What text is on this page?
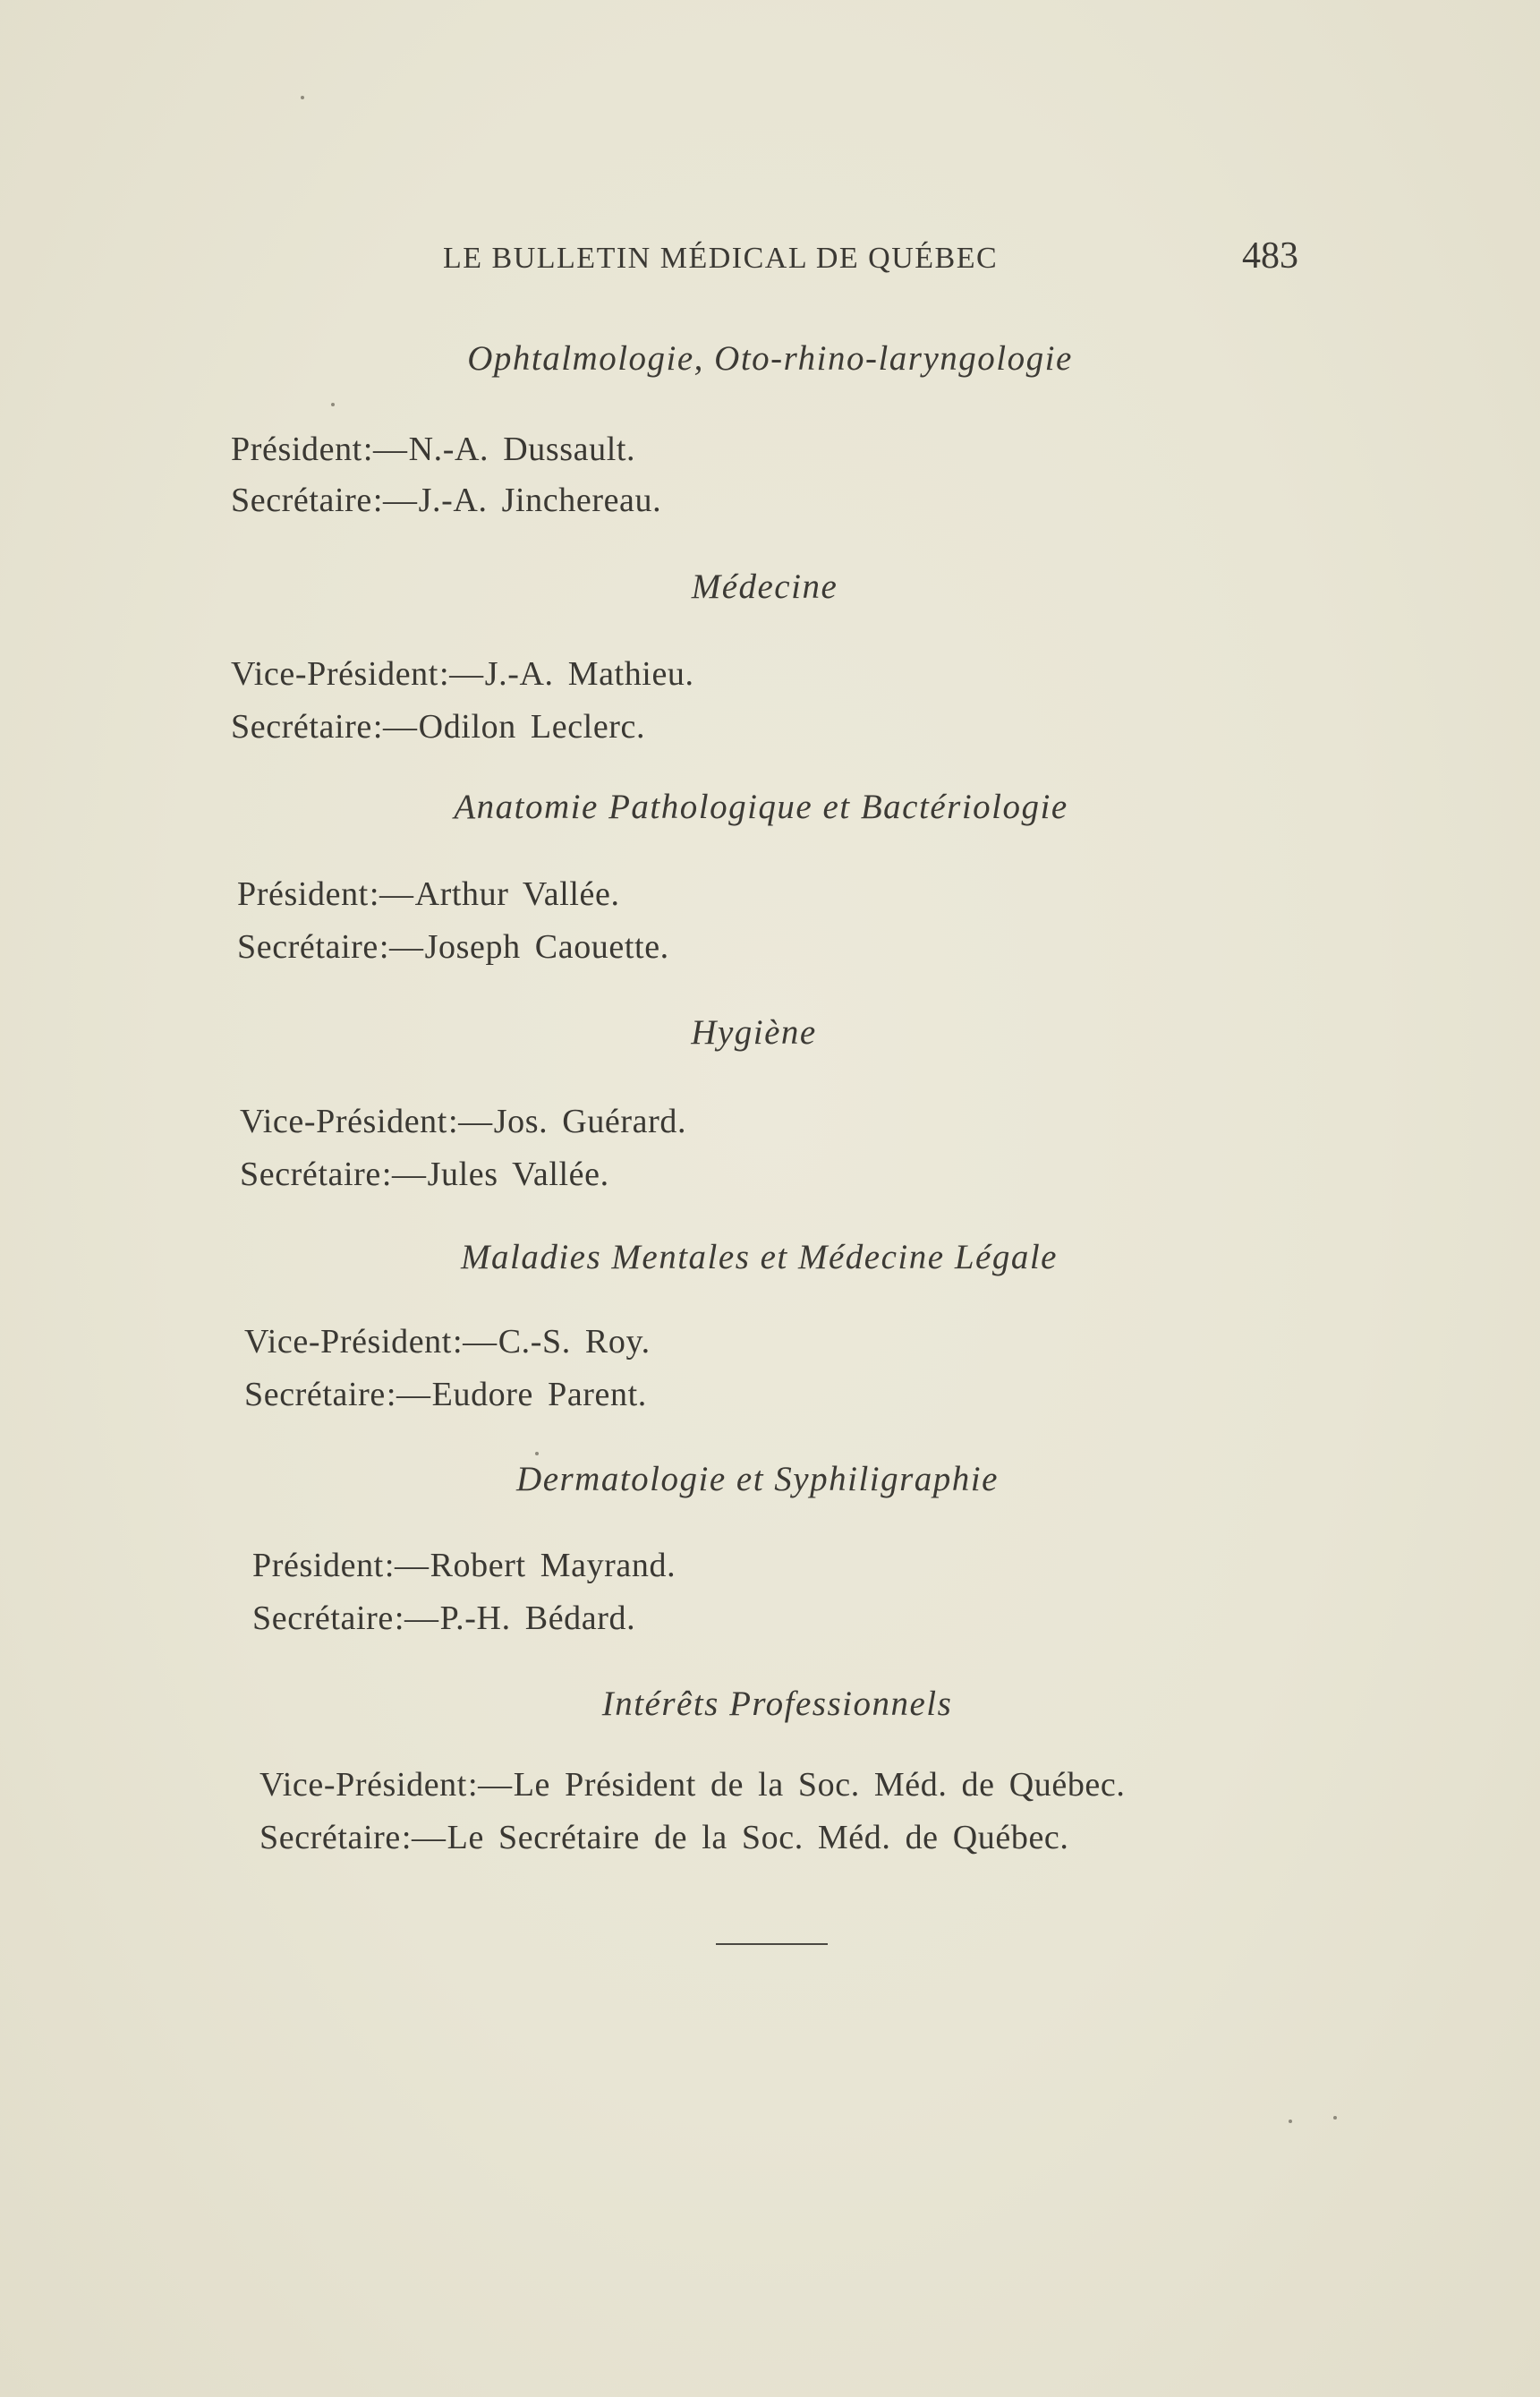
LE BULLETIN MÉDICAL DE QUÉBEC	483
Ophtalmologie, Oto-rhino-laryngologie
Président:—N.-A. Dussault.
Secrétaire:—J.-A. Jinchereau.
Médecine
Vice-Président:—J.-A. Mathieu.
Secrétaire:—Odilon Leclerc.
Anatomie Pathologique et Bactériologie
Président:—Arthur Vallée.
Secrétaire:—Joseph Caouette.
Hygiène
Vice-Président:—Jos. Guérard.
Secrétaire:—Jules Vallée.
Maladies Mentales et Médecine Légale
Vice-Président:—C.-S. Roy.
Secrétaire:—Eudore Parent.
Dermatologie et Syphiligraphie
Président:—Robert Mayrand.
Secrétaire:—P.-H. Bédard.
Intérêts Professionnels
Vice-Président:—Le Président de la Soc. Méd. de Québec.
Secrétaire:—Le Secrétaire de la Soc. Méd. de Québec.
